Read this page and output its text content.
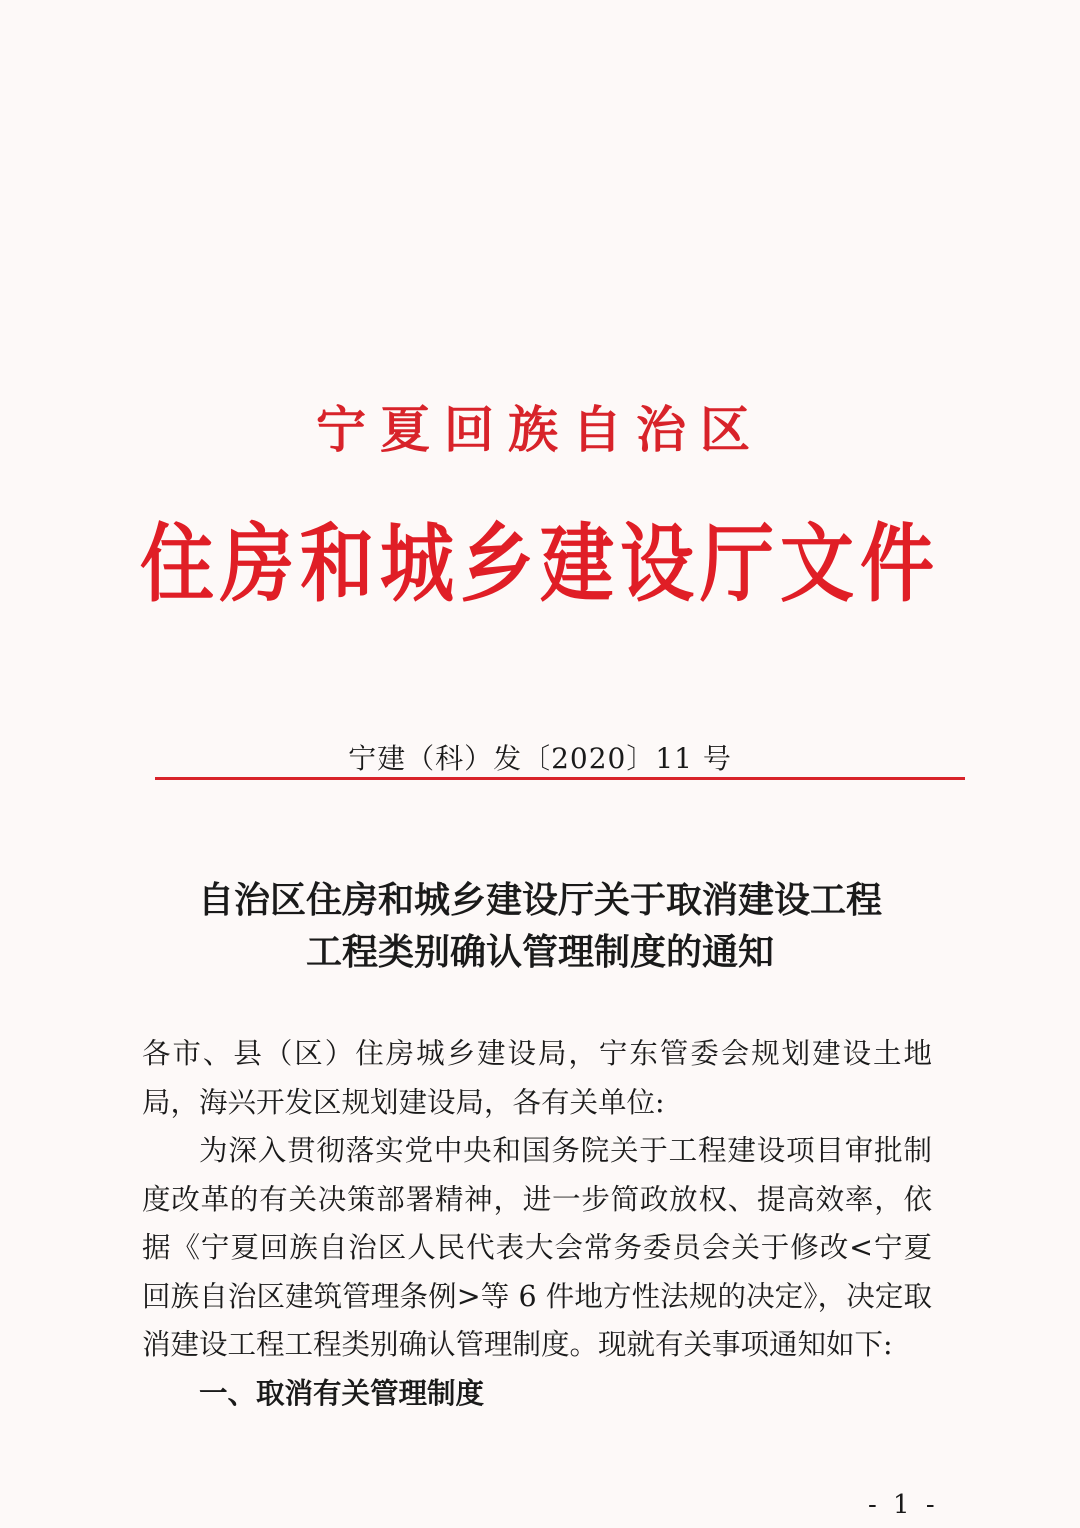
宁夏回族自治区
住房和城乡建设厅文件
宁建（科）发〔2020〕11 号
自治区住房和城乡建设厅关于取消建设工程
工程类别确认管理制度的通知

各市、县（区）住房城乡建设局，宁东管委会规划建设土地局，海兴开发区规划建设局，各有关单位:

为深入贯彻落实党中央和国务院关于工程建设项目审批制度改革的有关决策部署精神，进一步简政放权、提高效率，依据《宁夏回族自治区人民代表大会常务委员会关于修改<宁夏回族自治区建筑管理条例>等 6 件地方性法规的决定》，决定取消建设工程工程类别确认管理制度。现就有关事项通知如下:

一、取消有关管理制度

- 1 -
